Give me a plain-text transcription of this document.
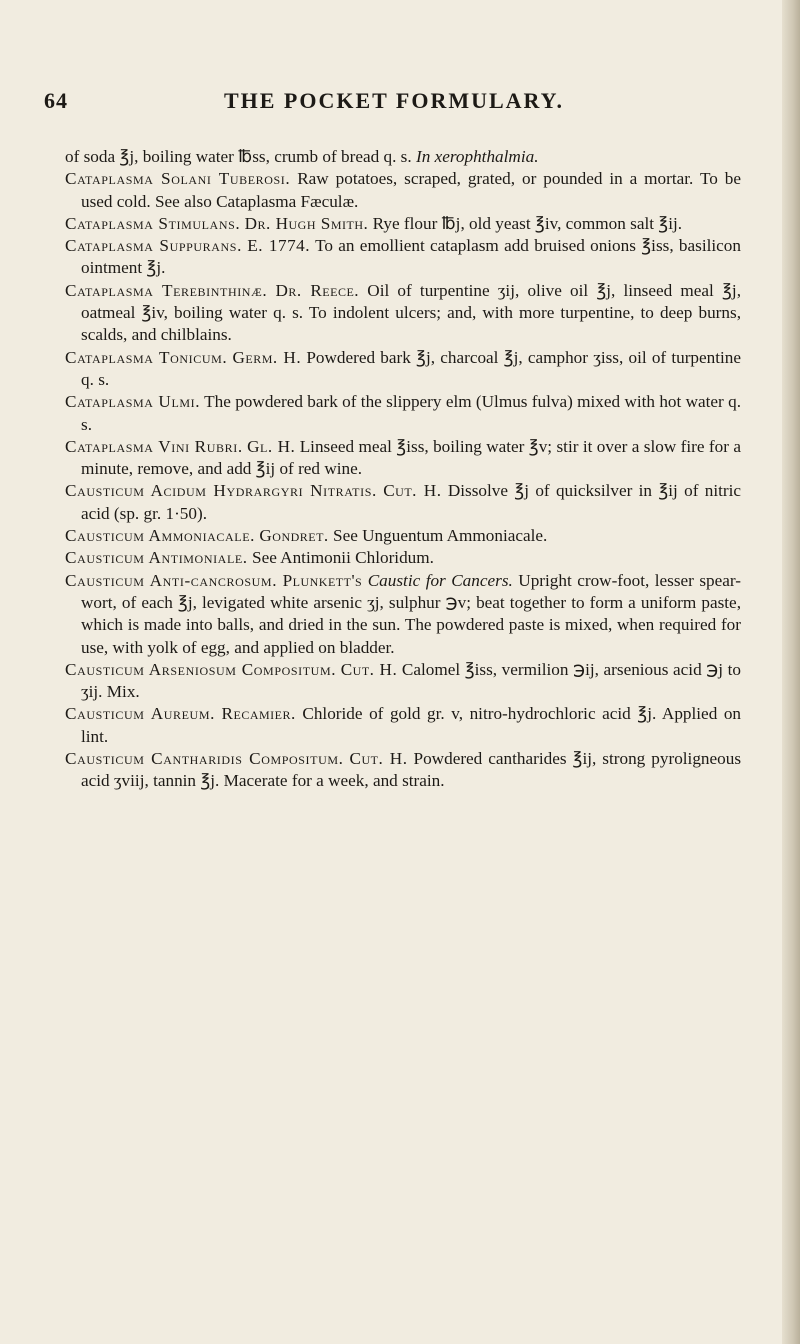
64	THE POCKET FORMULARY.

of soda ℥j, boiling water ℔ss, crumb of bread q. s. In xerophthalmia.

Cataplasma Solani Tuberosi. Raw potatoes, scraped, grated, or pounded in a mortar. To be used cold. See also Cataplasma Fæculæ.

Cataplasma Stimulans. Dr. Hugh Smith. Rye flour ℔j, old yeast ℥iv, common salt ℥ij.

Cataplasma Suppurans. E. 1774. To an emollient cataplasm add bruised onions ℥iss, basilicon ointment ℥j.

Cataplasma Terebinthinæ. Dr. Reece. Oil of turpentine ʒij, olive oil ℥j, linseed meal ℥j, oatmeal ℥iv, boiling water q. s. To indolent ulcers; and, with more turpentine, to deep burns, scalds, and chilblains.

Cataplasma Tonicum. Germ. H. Powdered bark ℥j, charcoal ℥j, camphor ʒiss, oil of turpentine q. s.

Cataplasma Ulmi. The powdered bark of the slippery elm (Ulmus fulva) mixed with hot water q. s.

Cataplasma Vini Rubri. Gl. H. Linseed meal ℥iss, boiling water ℥v; stir it over a slow fire for a minute, remove, and add ℥ij of red wine.

Causticum Acidum Hydrargyri Nitratis. Cut. H. Dissolve ℥j of quicksilver in ℥ij of nitric acid (sp. gr. 1·50).

Causticum Ammoniacale. Gondret. See Unguentum Ammoniacale.

Causticum Antimoniale. See Antimonii Chloridum.

Causticum Anti-cancrosum. Plunkett's Caustic for Cancers. Upright crow-foot, lesser spear-wort, of each ℥j, levigated white arsenic ʒj, sulphur ℈v; beat together to form a uniform paste, which is made into balls, and dried in the sun. The powdered paste is mixed, when required for use, with yolk of egg, and applied on bladder.

Causticum Arseniosum Compositum. Cut. H. Calomel ℥iss, vermilion ℈ij, arsenious acid ℈j to ʒij. Mix.

Causticum Aureum. Recamier. Chloride of gold gr. v, nitro-hydrochloric acid ℥j. Applied on lint.

Causticum Cantharidis Compositum. Cut. H. Powdered cantharides ℥ij, strong pyroligneous acid ʒviij, tannin ℥j. Macerate for a week, and strain.
